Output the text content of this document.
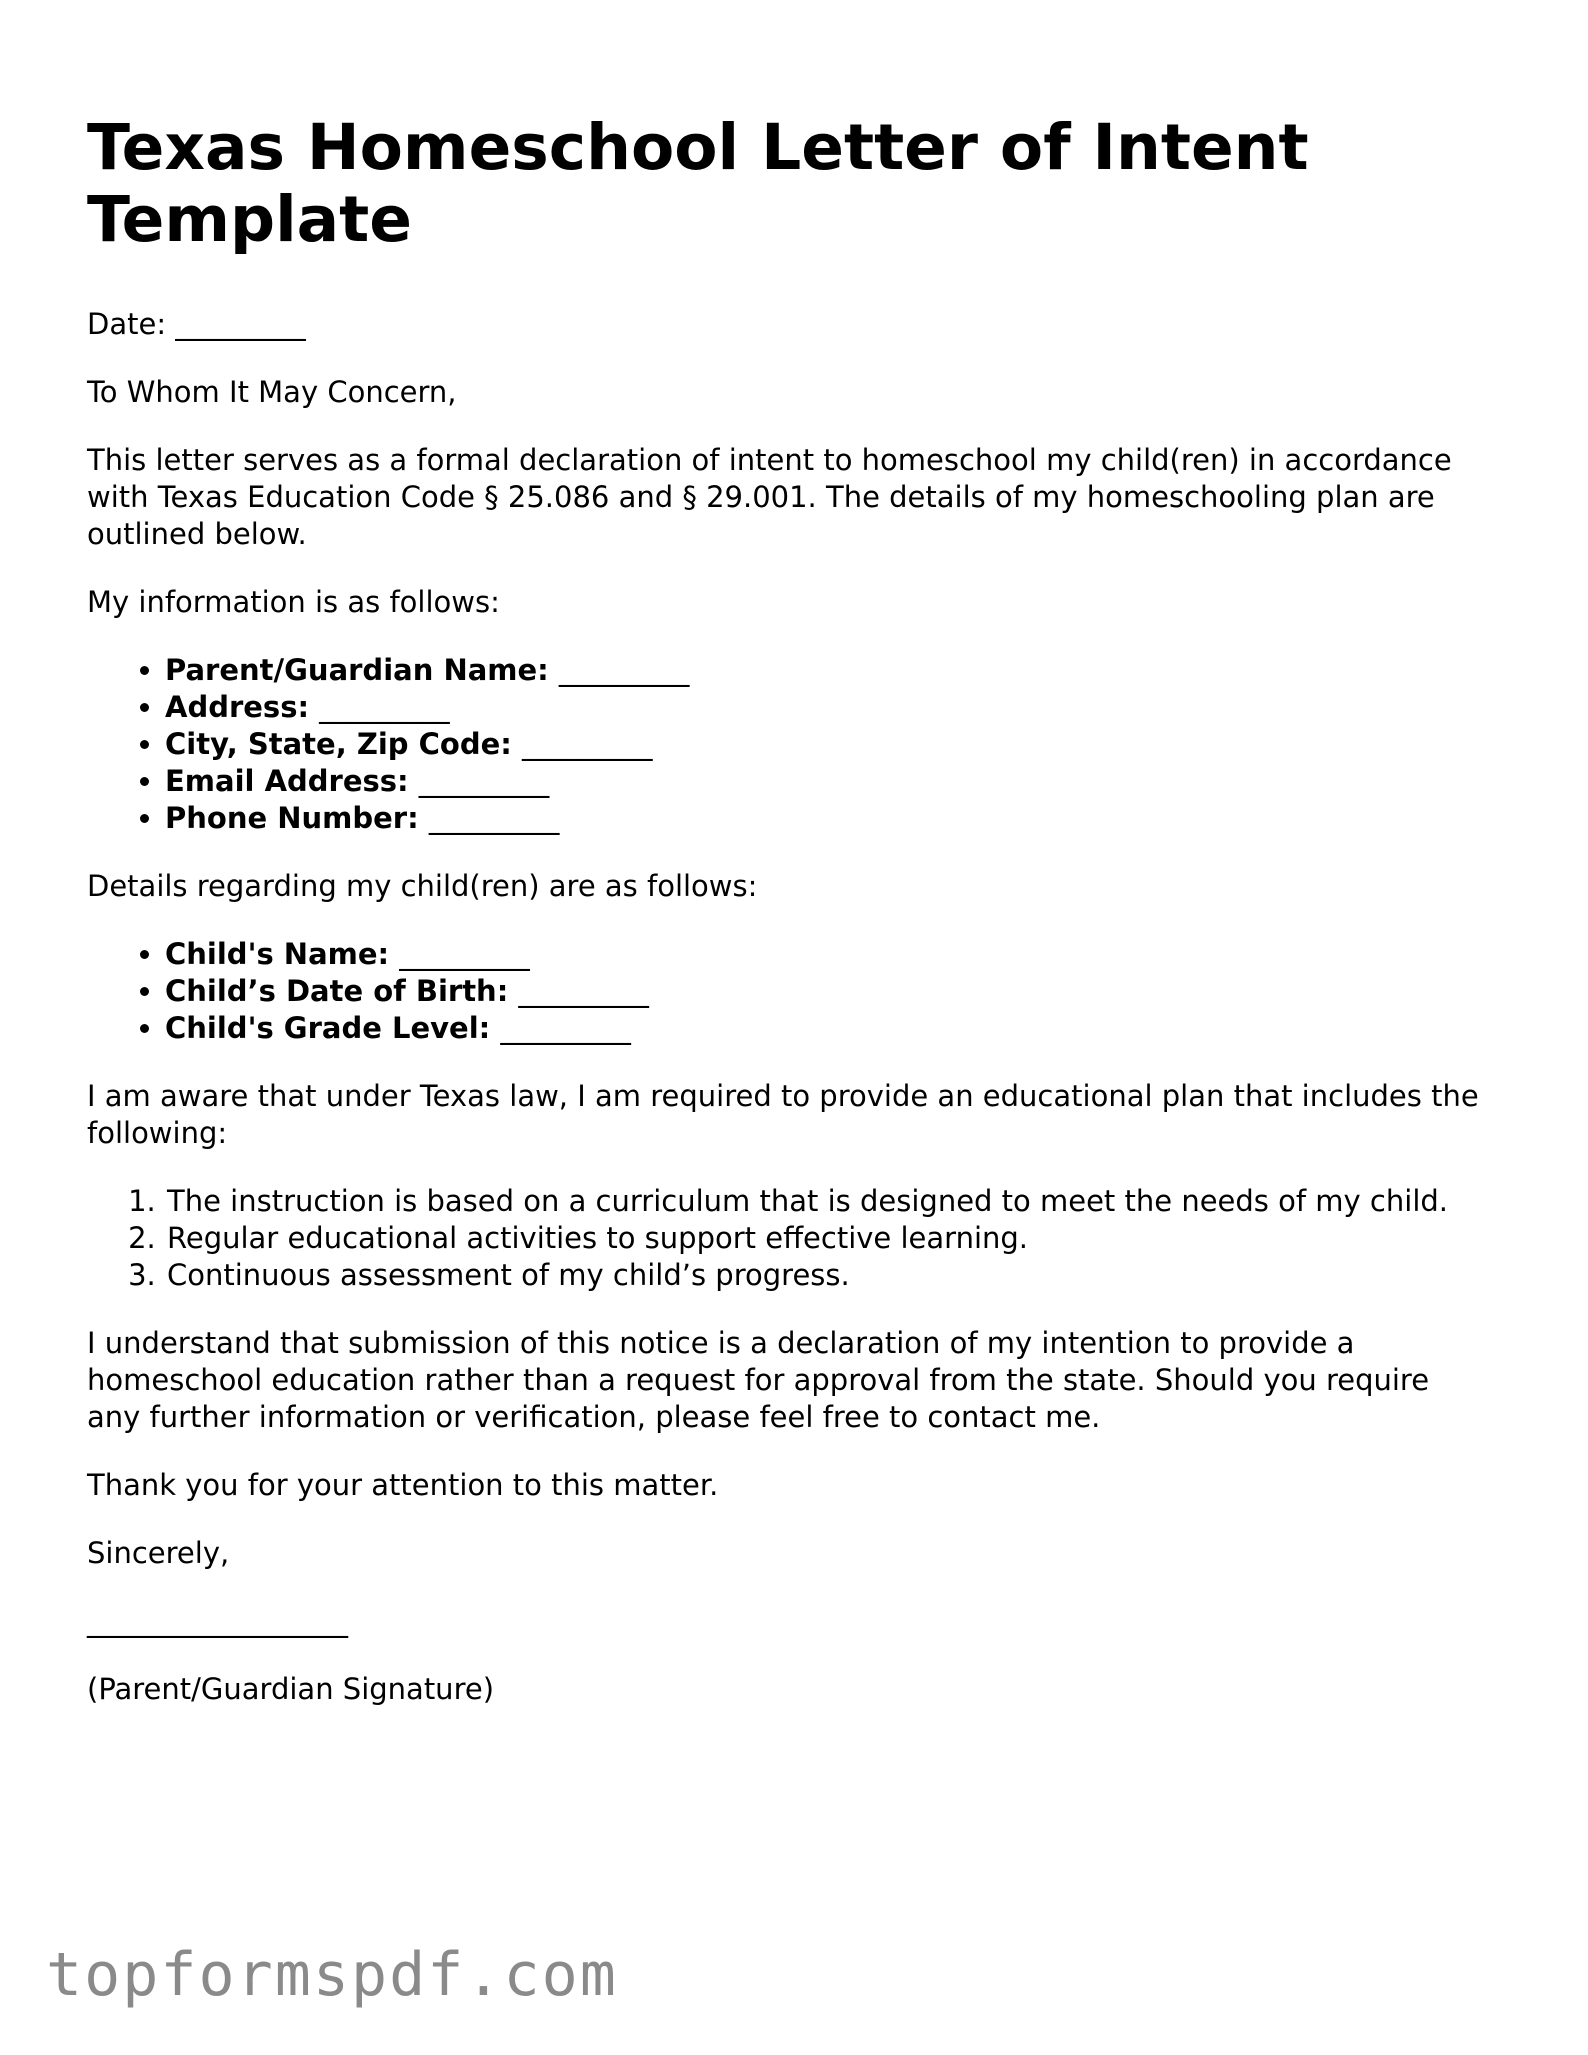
Texas Homeschool Letter of Intent Template

Date: _________

To Whom It May Concern,

This letter serves as a formal declaration of intent to homeschool my child(ren) in accordance with Texas Education Code § 25.086 and § 29.001. The details of my homeschooling plan are outlined below.

My information is as follows:

• Parent/Guardian Name: _________
• Address: _________
• City, State, Zip Code: _________
• Email Address: _________
• Phone Number: _________

Details regarding my child(ren) are as follows:

• Child's Name: _________
• Child’s Date of Birth: _________
• Child's Grade Level: _________

I am aware that under Texas law, I am required to provide an educational plan that includes the following:

1. The instruction is based on a curriculum that is designed to meet the needs of my child.
2. Regular educational activities to support effective learning.
3. Continuous assessment of my child’s progress.

I understand that submission of this notice is a declaration of my intention to provide a homeschool education rather than a request for approval from the state. Should you require any further information or verification, please feel free to contact me.

Thank you for your attention to this matter.

Sincerely,

__________________

(Parent/Guardian Signature)

topformspdf.com
